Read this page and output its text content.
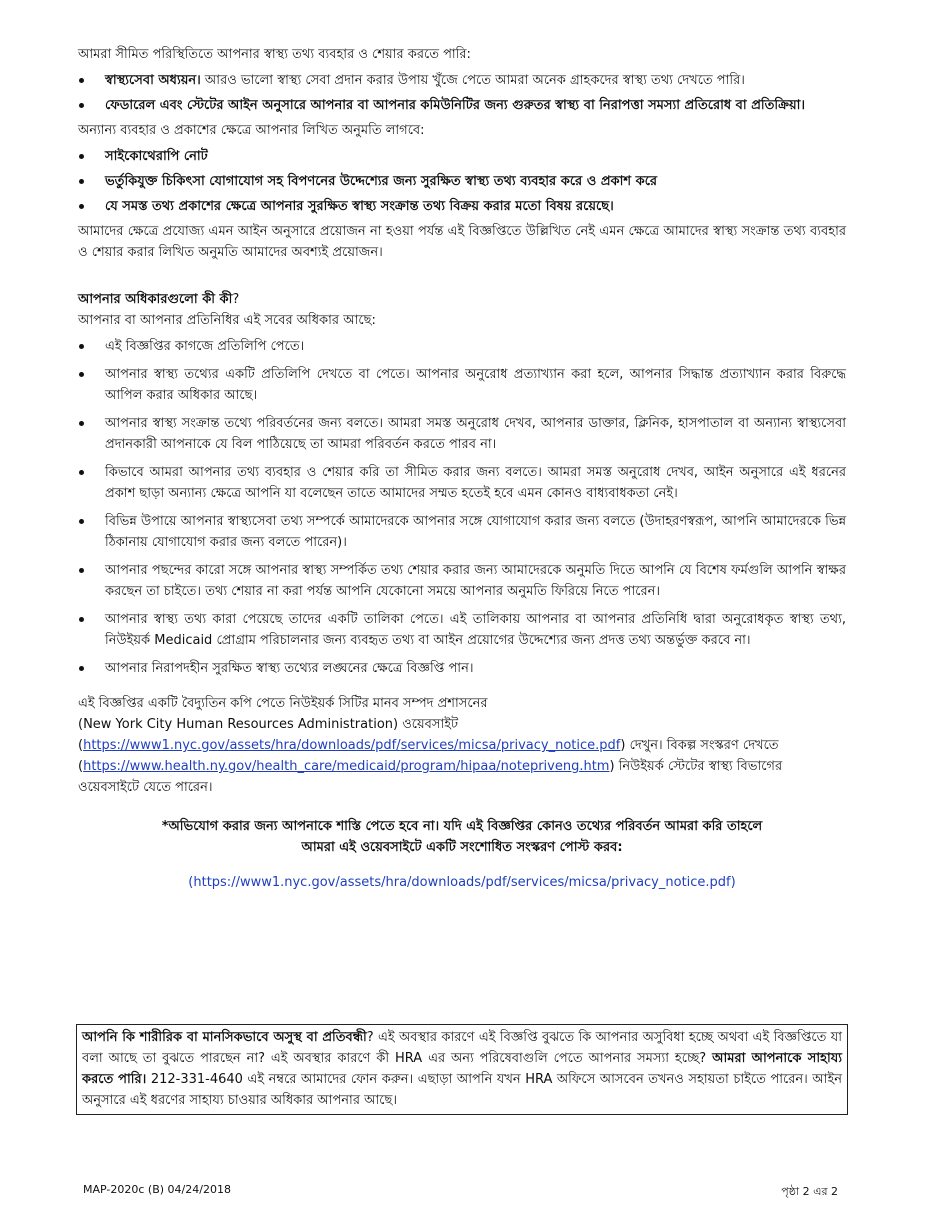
আমরা সীমিত পরিস্থিতিতে আপনার স্বাস্থ্য তথ্য ব্যবহার ও শেয়ার করতে পারি:

স্বাস্থ্যসেবা অধ্যয়ন। আরও ভালো স্বাস্থ্য সেবা প্রদান করার উপায় খুঁজে পেতে আমরা অনেক গ্রাহকদের স্বাস্থ্য তথ্য দেখতে পারি।
ফেডারেল এবং স্টেটের আইন অনুসারে আপনার বা আপনার কমিউনিটির জন্য গুরুতর স্বাস্থ্য বা নিরাপত্তা সমস্যা প্রতিরোধ বা প্রতিক্রিয়া।

অন্যান্য ব্যবহার ও প্রকাশের ক্ষেত্রে আপনার লিখিত অনুমতি লাগবে:

সাইকোথেরাপি নোট
ভর্তুকিযুক্ত চিকিৎসা যোগাযোগ সহ বিপণনের উদ্দেশ্যের জন্য সুরক্ষিত স্বাস্থ্য তথ্য ব্যবহার করে ও প্রকাশ করে
যে সমস্ত তথ্য প্রকাশের ক্ষেত্রে আপনার সুরক্ষিত স্বাস্থ্য সংক্রান্ত তথ্য বিক্রয় করার মতো বিষয় রয়েছে।

আমাদের ক্ষেত্রে প্রযোজ্য এমন আইন অনুসারে প্রয়োজন না হওয়া পর্যন্ত এই বিজ্ঞপ্তিতে উল্লিখিত নেই এমন ক্ষেত্রে আমাদের স্বাস্থ্য সংক্রান্ত তথ্য ব্যবহার ও শেয়ার করার লিখিত অনুমতি আমাদের অবশ্যই প্রয়োজন।

আপনার অধিকারগুলো কী কী?

আপনার বা আপনার প্রতিনিধির এই সবের অধিকার আছে:

এই বিজ্ঞপ্তির কাগজে প্রতিলিপি পেতে।
আপনার স্বাস্থ্য তথ্যের একটি প্রতিলিপি দেখতে বা পেতে। আপনার অনুরোধ প্রত্যাখ্যান করা হলে, আপনার সিদ্ধান্ত প্রত্যাখ্যান করার বিরুদ্ধে আপিল করার অধিকার আছে।
আপনার স্বাস্থ্য সংক্রান্ত তথ্যে পরিবর্তনের জন্য বলতে। আমরা সমস্ত অনুরোধ দেখব, আপনার ডাক্তার, ক্লিনিক, হাসপাতাল বা অন্যান্য স্বাস্থ্যসেবা প্রদানকারী আপনাকে যে বিল পাঠিয়েছে তা আমরা পরিবর্তন করতে পারব না।
কিভাবে আমরা আপনার তথ্য ব্যবহার ও শেয়ার করি তা সীমিত করার জন্য বলতে। আমরা সমস্ত অনুরোধ দেখব, আইন অনুসারে এই ধরনের প্রকাশ ছাড়া অন্যান্য ক্ষেত্রে আপনি যা বলেছেন তাতে আমাদের সম্মত হতেই হবে এমন কোনও বাধ্যবাধকতা নেই।
বিভিন্ন উপায়ে আপনার স্বাস্থ্যসেবা তথ্য সম্পর্কে আমাদেরকে আপনার সঙ্গে যোগাযোগ করার জন্য বলতে (উদাহরণস্বরূপ, আপনি আমাদেরকে ভিন্ন ঠিকানায় যোগাযোগ করার জন্য বলতে পারেন)।
আপনার পছন্দের কারো সঙ্গে আপনার স্বাস্থ্য সম্পর্কিত তথ্য শেয়ার করার জন্য আমাদেরকে অনুমতি দিতে আপনি যে বিশেষ ফর্মগুলি আপনি স্বাক্ষর করছেন তা চাইতে। তথ্য শেয়ার না করা পর্যন্ত আপনি যেকোনো সময়ে আপনার অনুমতি ফিরিয়ে নিতে পারেন।
আপনার স্বাস্থ্য তথ্য কারা পেয়েছে তাদের একটি তালিকা পেতে। এই তালিকায় আপনার বা আপনার প্রতিনিধি দ্বারা অনুরোধকৃত স্বাস্থ্য তথ্য, নিউইয়র্ক Medicaid প্রোগ্রাম পরিচালনার জন্য ব্যবহৃত তথ্য বা আইন প্রয়োগের উদ্দেশ্যের জন্য প্রদত্ত তথ্য অন্তর্ভুক্ত করবে না।
আপনার নিরাপদহীন সুরক্ষিত স্বাস্থ্য তথ্যের লঙ্ঘনের ক্ষেত্রে বিজ্ঞপ্তি পান।

এই বিজ্ঞপ্তির একটি বৈদ্যুতিন কপি পেতে নিউইয়র্ক সিটির মানব সম্পদ প্রশাসনের
(New York City Human Resources Administration) ওয়েবসাইট
(https://www1.nyc.gov/assets/hra/downloads/pdf/services/micsa/privacy_notice.pdf) দেখুন। বিকল্প সংস্করণ দেখতে (https://www.health.ny.gov/health_care/medicaid/program/hipaa/notepriveng.htm) নিউইয়র্ক স্টেটের স্বাস্থ্য বিভাগের ওয়েবসাইটে যেতে পারেন।

*অভিযোগ করার জন্য আপনাকে শাস্তি পেতে হবে না। যদি এই বিজ্ঞপ্তির কোনও তথ্যের পরিবর্তন আমরা করি তাহলে
আমরা এই ওয়েবসাইটে একটি সংশোধিত সংস্করণ পোস্ট করব:

(https://www1.nyc.gov/assets/hra/downloads/pdf/services/micsa/privacy_notice.pdf)

আপনি কি শারীরিক বা মানসিকভাবে অসুস্থ বা প্রতিবন্ধী? এই অবস্থার কারণে এই বিজ্ঞপ্তি বুঝতে কি আপনার অসুবিধা হচ্ছে অথবা এই বিজ্ঞপ্তিতে যা বলা আছে তা বুঝতে পারছেন না? এই অবস্থার কারণে কী HRA এর অন্য পরিষেবাগুলি পেতে আপনার সমস্যা হচ্ছে? আমরা আপনাকে সাহায্য করতে পারি। 212-331-4640 এই নম্বরে আমাদের ফোন করুন। এছাড়া আপনি যখন HRA অফিসে আসবেন তখনও সহায়তা চাইতে পারেন। আইন অনুসারে এই ধরণের সাহায্য চাওয়ার অধিকার আপনার আছে।
MAP-2020c (B) 04/24/2018	পৃষ্ঠা 2 এর 2
